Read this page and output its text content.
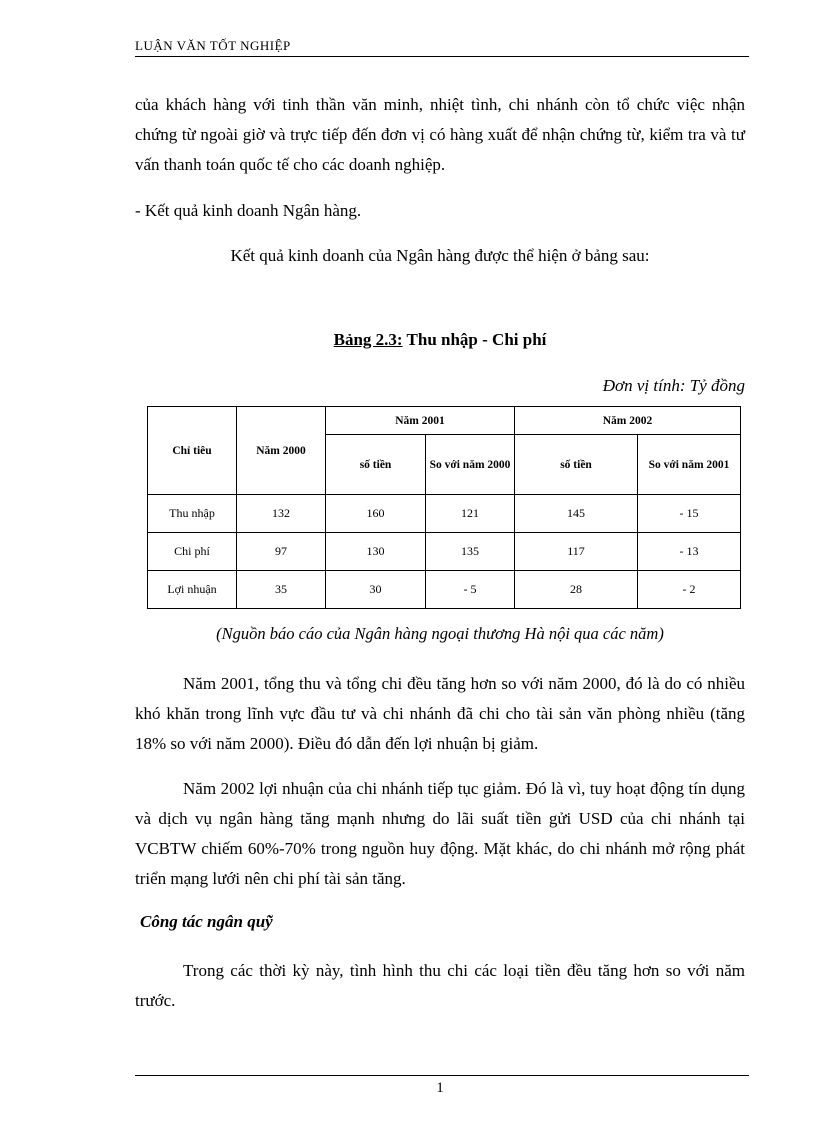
LUẬN VĂN TỐT NGHIỆP
của khách hàng với tinh thần văn minh, nhiệt tình, chi nhánh còn tổ chức việc nhận chứng từ ngoài giờ và trực tiếp đến đơn vị có hàng xuất để nhận chứng từ, kiểm tra và tư vấn thanh toán quốc tế cho các doanh nghiệp.
- Kết quả kinh doanh Ngân hàng.
Kết quả kinh doanh của Ngân hàng được thể hiện ở bảng sau:
Bảng 2.3: Thu nhập - Chi phí
Đơn vị tính: Tỷ đồng
Chỉ tiêu	Năm 2000	Năm 2001		Năm 2002	
		số tiền	So với năm 2000	số tiền	So với năm 2001
Thu nhập	132	160	121	145	- 15
Chi phí	97	130	135	117	- 13
Lợi nhuận	35	30	- 5	28	- 2
(Nguồn báo cáo của Ngân hàng ngoại thương Hà nội qua các năm)
Năm 2001, tổng thu và tổng chi đều tăng hơn so với năm 2000, đó là do có nhiều khó khăn trong lĩnh vực đầu tư và chi nhánh đã chi cho tài sản văn phòng nhiều (tăng 18% so với năm 2000). Điều đó dẫn đến lợi nhuận bị giảm.
Năm 2002 lợi nhuận của chi nhánh tiếp tục giảm. Đó là vì, tuy hoạt động tín dụng và dịch vụ ngân hàng tăng mạnh nhưng do lãi suất tiền gửi USD của chi nhánh tại VCBTW chiếm 60%-70% trong nguồn huy động. Mặt khác, do chi nhánh mở rộng phát triển mạng lưới nên chi phí tài sản tăng.
Công tác ngân quỹ
Trong các thời kỳ này, tình hình thu chi các loại tiền đều tăng hơn so với năm trước.
1
